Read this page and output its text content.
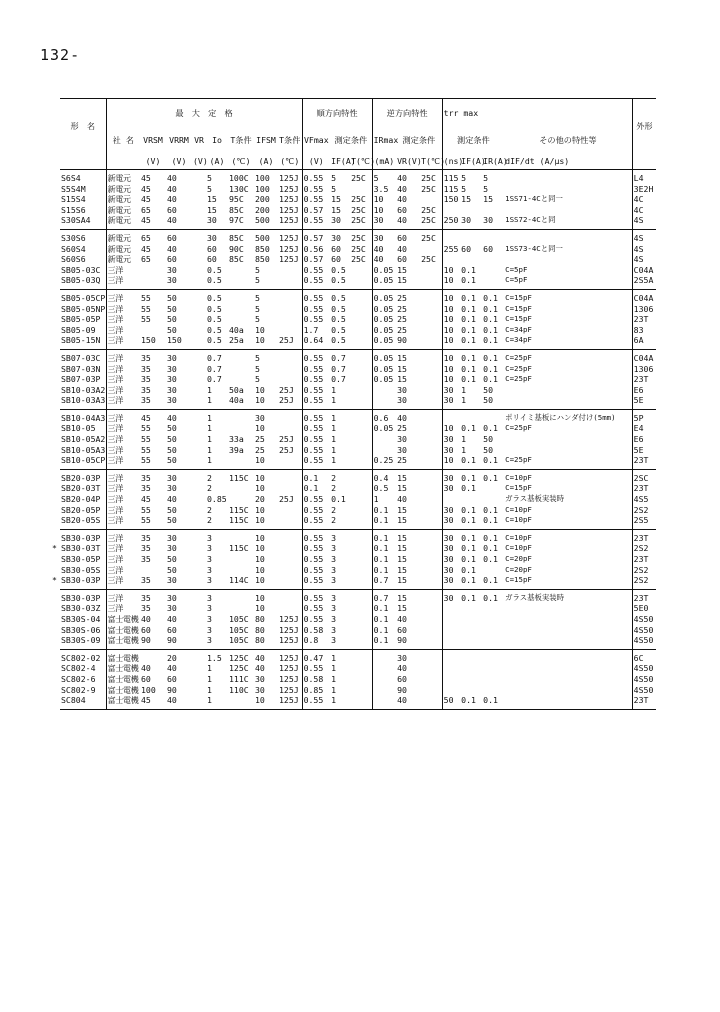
132-
形　名	最　大　定　格								順方向特性			逆方向特性			trr max				外形
	社 名	VRSM	VRRM	VR	Io	T条件	IFSM	T条件	VFmax	測定条件		IRmax	測定条件		測定条件			その他の特性等	
		(V)	(V)	(V)	(A)	(℃)	(A)	(℃)	(V)	IF(A)	T(℃)	(mA)	VR(V)	T(℃)	(ns)	IF(A)	IR(A)	dIF/dt (A/μs)	
S6S4	新電元	45	40		5	100C	100	125J	0.55	5	25C	5	40	25C	115	5	5		L4
S5S4M	新電元	45	40		5	130C	100	125J	0.55	5		3.5	40	25C	115	5	5		3E2H
S15S4	新電元	45	40		15	95C	200	125J	0.55	15	25C	10	40		150	15	15	1SS71-4Cと同一	4C
S15S6	新電元	65	60		15	85C	200	125J	0.57	15	25C	10	60	25C					4C
S30SA4	新電元	45	40		30	97C	500	125J	0.55	30	25C	30	40	25C	250	30	30	1SS72-4Cと同	4S
S30S6	新電元	65	60		30	85C	500	125J	0.57	30	25C	30	60	25C					4S
S60S4	新電元	45	40		60	90C	850	125J	0.56	60	25C	40	40		255	60	60	1SS73-4Cと同一	4S
S60S6	新電元	65	60		60	85C	850	125J	0.57	60	25C	40	60	25C					4S
SB05-03C	三洋		30		0.5		5		0.55	0.5		0.05	15		10	0.1		C=5pF	C04A
SB05-03Q	三洋		30		0.5		5		0.55	0.5		0.05	15		10	0.1		C=5pF	2S5A
SB05-05CP	三洋	55	50		0.5		5		0.55	0.5		0.05	25		10	0.1	0.1	C=15pF	C04A
SB05-05NP	三洋	55	50		0.5		5		0.55	0.5		0.05	25		10	0.1	0.1	C=15pF	1306
SB05-05P	三洋	55	50		0.5		5		0.55	0.5		0.05	25		10	0.1	0.1	C=15pF	23T
SB05-09	三洋		50		0.5	40a	10		1.7	0.5		0.05	25		10	0.1	0.1	C=34pF	83
SB05-15N	三洋	150	150		0.5	25a	10	25J	0.64	0.5		0.05	90		10	0.1	0.1	C=34pF	6A
SB07-03C	三洋	35	30		0.7		5		0.55	0.7		0.05	15		10	0.1	0.1	C=25pF	C04A
SB07-03N	三洋	35	30		0.7		5		0.55	0.7		0.05	15		10	0.1	0.1	C=25pF	1306
SB07-03P	三洋	35	30		0.7		5		0.55	0.7		0.05	15		10	0.1	0.1	C=25pF	23T
SB10-03A2	三洋	35	30		1	50a	10	25J	0.55	1			30		30	1	50		E6
SB10-03A3	三洋	35	30		1	40a	10	25J	0.55	1			30		30	1	50		5E
SB10-04A3	三洋	45	40		1		30		0.55	1		0.6	40					ポリイミ基板にハンダ付け(5mm)	5P
SB10-05	三洋	55	50		1		10		0.55	1		0.05	25		10	0.1	0.1	C=25pF	E4
SB10-05A2	三洋	55	50		1	33a	25	25J	0.55	1			30		30	1	50		E6
SB10-05A3	三洋	55	50		1	39a	25	25J	0.55	1			30		30	1	50		5E
SB10-05CP	三洋	55	50		1		10		0.55	1		0.25	25		10	0.1	0.1	C=25pF	23T
SB20-03P	三洋	35	30		2	115C	10		0.1	2		0.4	15		30	0.1	0.1	C=10pF	2SC
SB20-03T	三洋	35	30		2		10		0.1	2		0.5	15		30	0.1		C=15pF	23T
SB20-04P	三洋	45	40		0.85		20	25J	0.55	0.1		1	40					ガラス基板実装時	4S5
SB20-05P	三洋	55	50		2	115C	10		0.55	2		0.1	15		30	0.1	0.1	C=10pF	2S2
SB20-05S	三洋	55	50		2	115C	10		0.55	2		0.1	15		30	0.1	0.1	C=10pF	2S5
SB30-03P	三洋	35	30		3		10		0.55	3		0.1	15		30	0.1	0.1	C=10pF	23T

* SB30-03T	三洋	35	30		3	115C	10		0.55	3		0.1	15		30	0.1	0.1	C=10pF	2S2
SB30-05P	三洋	35	50		3		10		0.55	3		0.1	15		30	0.1	0.1	C=20pF	23T
SB30-05S	三洋		50		3		10		0.55	3		0.1	15		30	0.1		C=20pF	2S2

* SB30-03P	三洋	35	30		3	114C	10		0.55	3		0.7	15		30	0.1	0.1	C=15pF	2S2
SB30-03P	三洋	35	30		3		10		0.55	3		0.7	15		30	0.1	0.1	ガラス基板実装時	23T
SB30-03Z	三洋	35	30		3		10		0.55	3		0.1	15						5E0
SB30S-04	富士電機	40	40		3	105C	80	125J	0.55	3		0.1	40						4S50
SB30S-06	富士電機	60	60		3	105C	80	125J	0.58	3		0.1	60						4S50
SB30S-09	富士電機	90	90		3	105C	80	125J	0.8	3		0.1	90						4S50
SC802-02	富士電機		20		1.5	125C	40	125J	0.47	1			30						6C
SC802-4	富士電機	40	40		1	125C	40	125J	0.55	1			40						4S50
SC802-6	富士電機	60	60		1	111C	30	125J	0.58	1			60						4S50
SC802-9	富士電機	100	90		1	110C	30	125J	0.85	1			90						4S50
SC804	富士電機	45	40		1		10	125J	0.55	1			40		50	0.1	0.1		23T
